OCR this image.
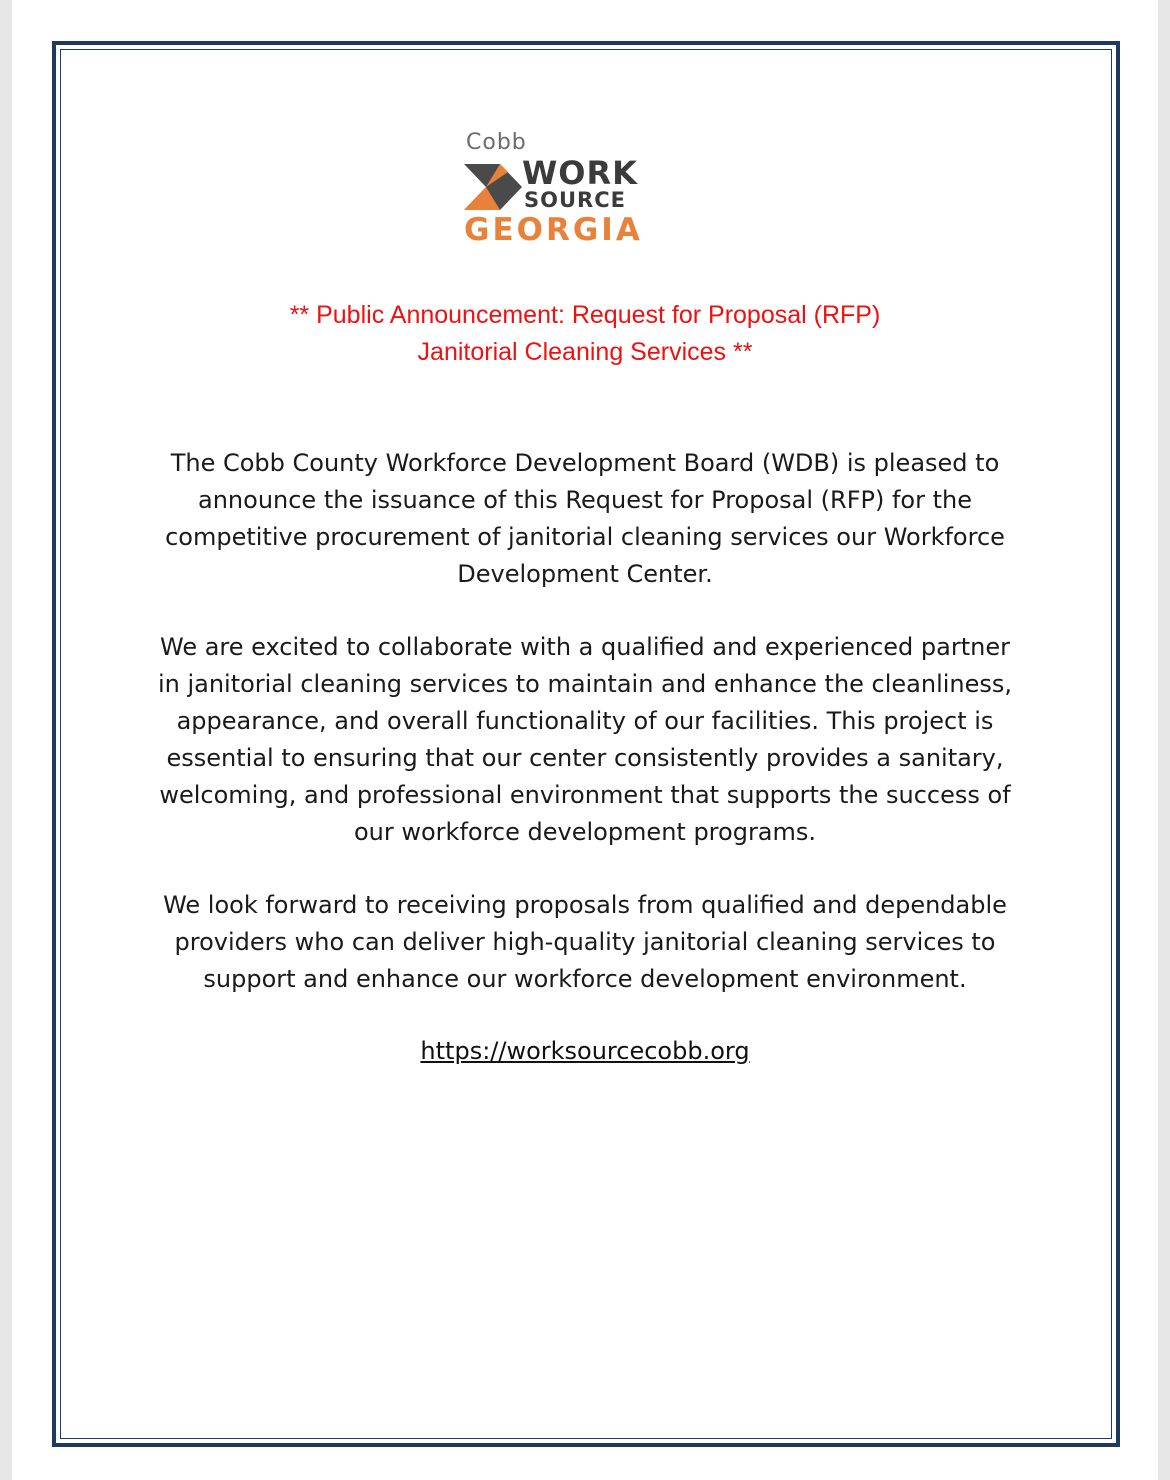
Cobb
WORK
SOURCE
GEORGIA
** Public Announcement: Request for Proposal (RFP)
Janitorial Cleaning Services **

The Cobb County Workforce Development Board (WDB) is pleased to announce the issuance of this Request for Proposal (RFP) for the competitive procurement of janitorial cleaning services our Workforce Development Center.

We are excited to collaborate with a qualified and experienced partner in janitorial cleaning services to maintain and enhance the cleanliness, appearance, and overall functionality of our facilities. This project is essential to ensuring that our center consistently provides a sanitary, welcoming, and professional environment that supports the success of our workforce development programs.

We look forward to receiving proposals from qualified and dependable providers who can deliver high-quality janitorial cleaning services to support and enhance our workforce development environment.

https://worksourcecobb.org
